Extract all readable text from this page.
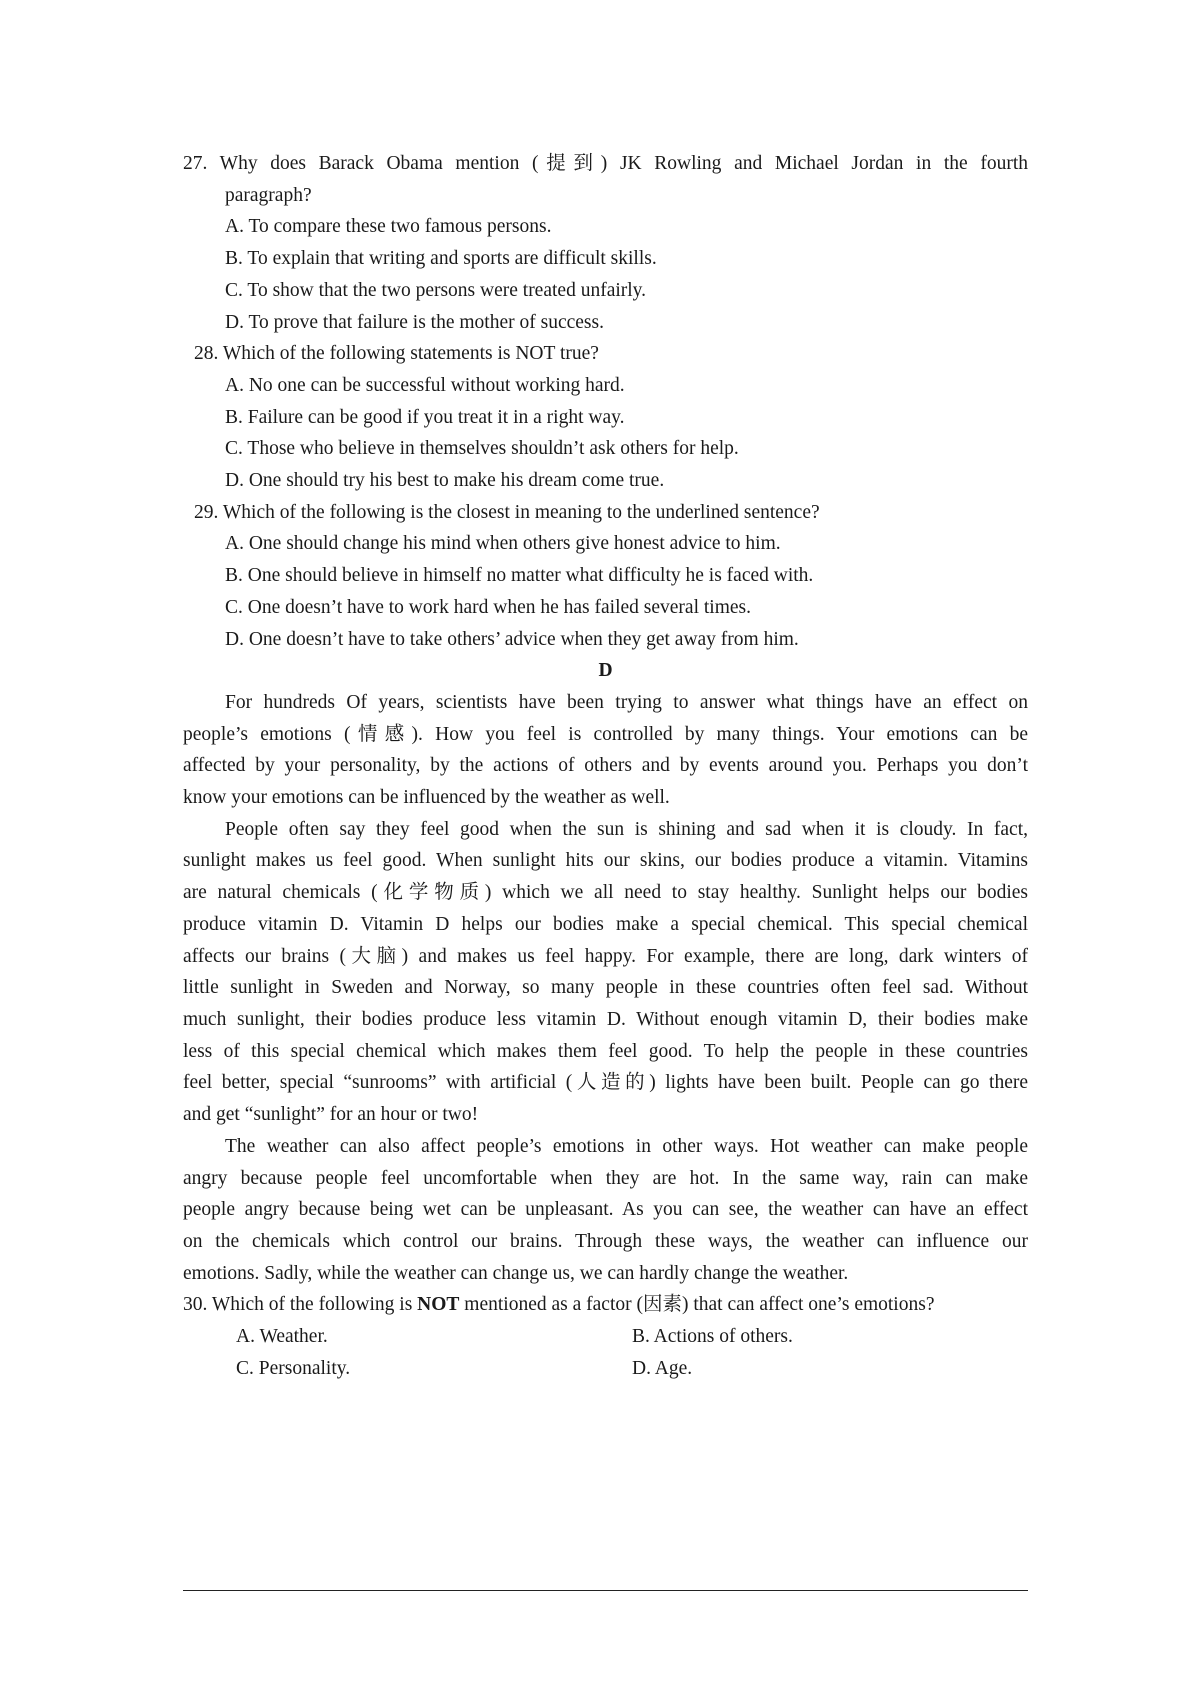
27. Why does Barack Obama mention (提到) JK Rowling and Michael Jordan in the fourth
paragraph?
A. To compare these two famous persons.
B. To explain that writing and sports are difficult skills.
C. To show that the two persons were treated unfairly.
D. To prove that failure is the mother of success.
28. Which of the following statements is NOT true?
A. No one can be successful without working hard.
B. Failure can be good if you treat it in a right way.
C. Those who believe in themselves shouldn’t ask others for help.
D. One should try his best to make his dream come true.
29. Which of the following is the closest in meaning to the underlined sentence?
A. One should change his mind when others give honest advice to him.
B. One should believe in himself no matter what difficulty he is faced with.
C. One doesn’t have to work hard when he has failed several times.
D. One doesn’t have to take others’ advice when they get away from him.
D
For hundreds Of years, scientists have been trying to answer what things have an effect on
people’s emotions (情感). How you feel is controlled by many things. Your emotions can be
affected by your personality, by the actions of others and by events around you. Perhaps you don’t
know your emotions can be influenced by the weather as well.
People often say they feel good when the sun is shining and sad when it is cloudy. In fact,
sunlight makes us feel good. When sunlight hits our skins, our bodies produce a vitamin. Vitamins
are natural chemicals (化学物质) which we all need to stay healthy. Sunlight helps our bodies
produce vitamin D. Vitamin D helps our bodies make a special chemical. This special chemical
affects our brains (大脑) and makes us feel happy. For example, there are long, dark winters of
little sunlight in Sweden and Norway, so many people in these countries often feel sad. Without
much sunlight, their bodies produce less vitamin D. Without enough vitamin D, their bodies make
less of this special chemical which makes them feel good. To help the people in these countries
feel better, special “sunrooms” with artificial (人造的) lights have been built. People can go there
and get “sunlight” for an hour or two!
The weather can also affect people’s emotions in other ways. Hot weather can make people
angry because people feel uncomfortable when they are hot. In the same way, rain can make
people angry because being wet can be unpleasant. As you can see, the weather can have an effect
on the chemicals which control our brains. Through these ways, the weather can influence our
emotions. Sadly, while the weather can change us, we can hardly change the weather.
30. Which of the following is NOT mentioned as a factor (因素) that can affect one’s emotions?
A. Weather.	B. Actions of others.
C. Personality.	D. Age.
